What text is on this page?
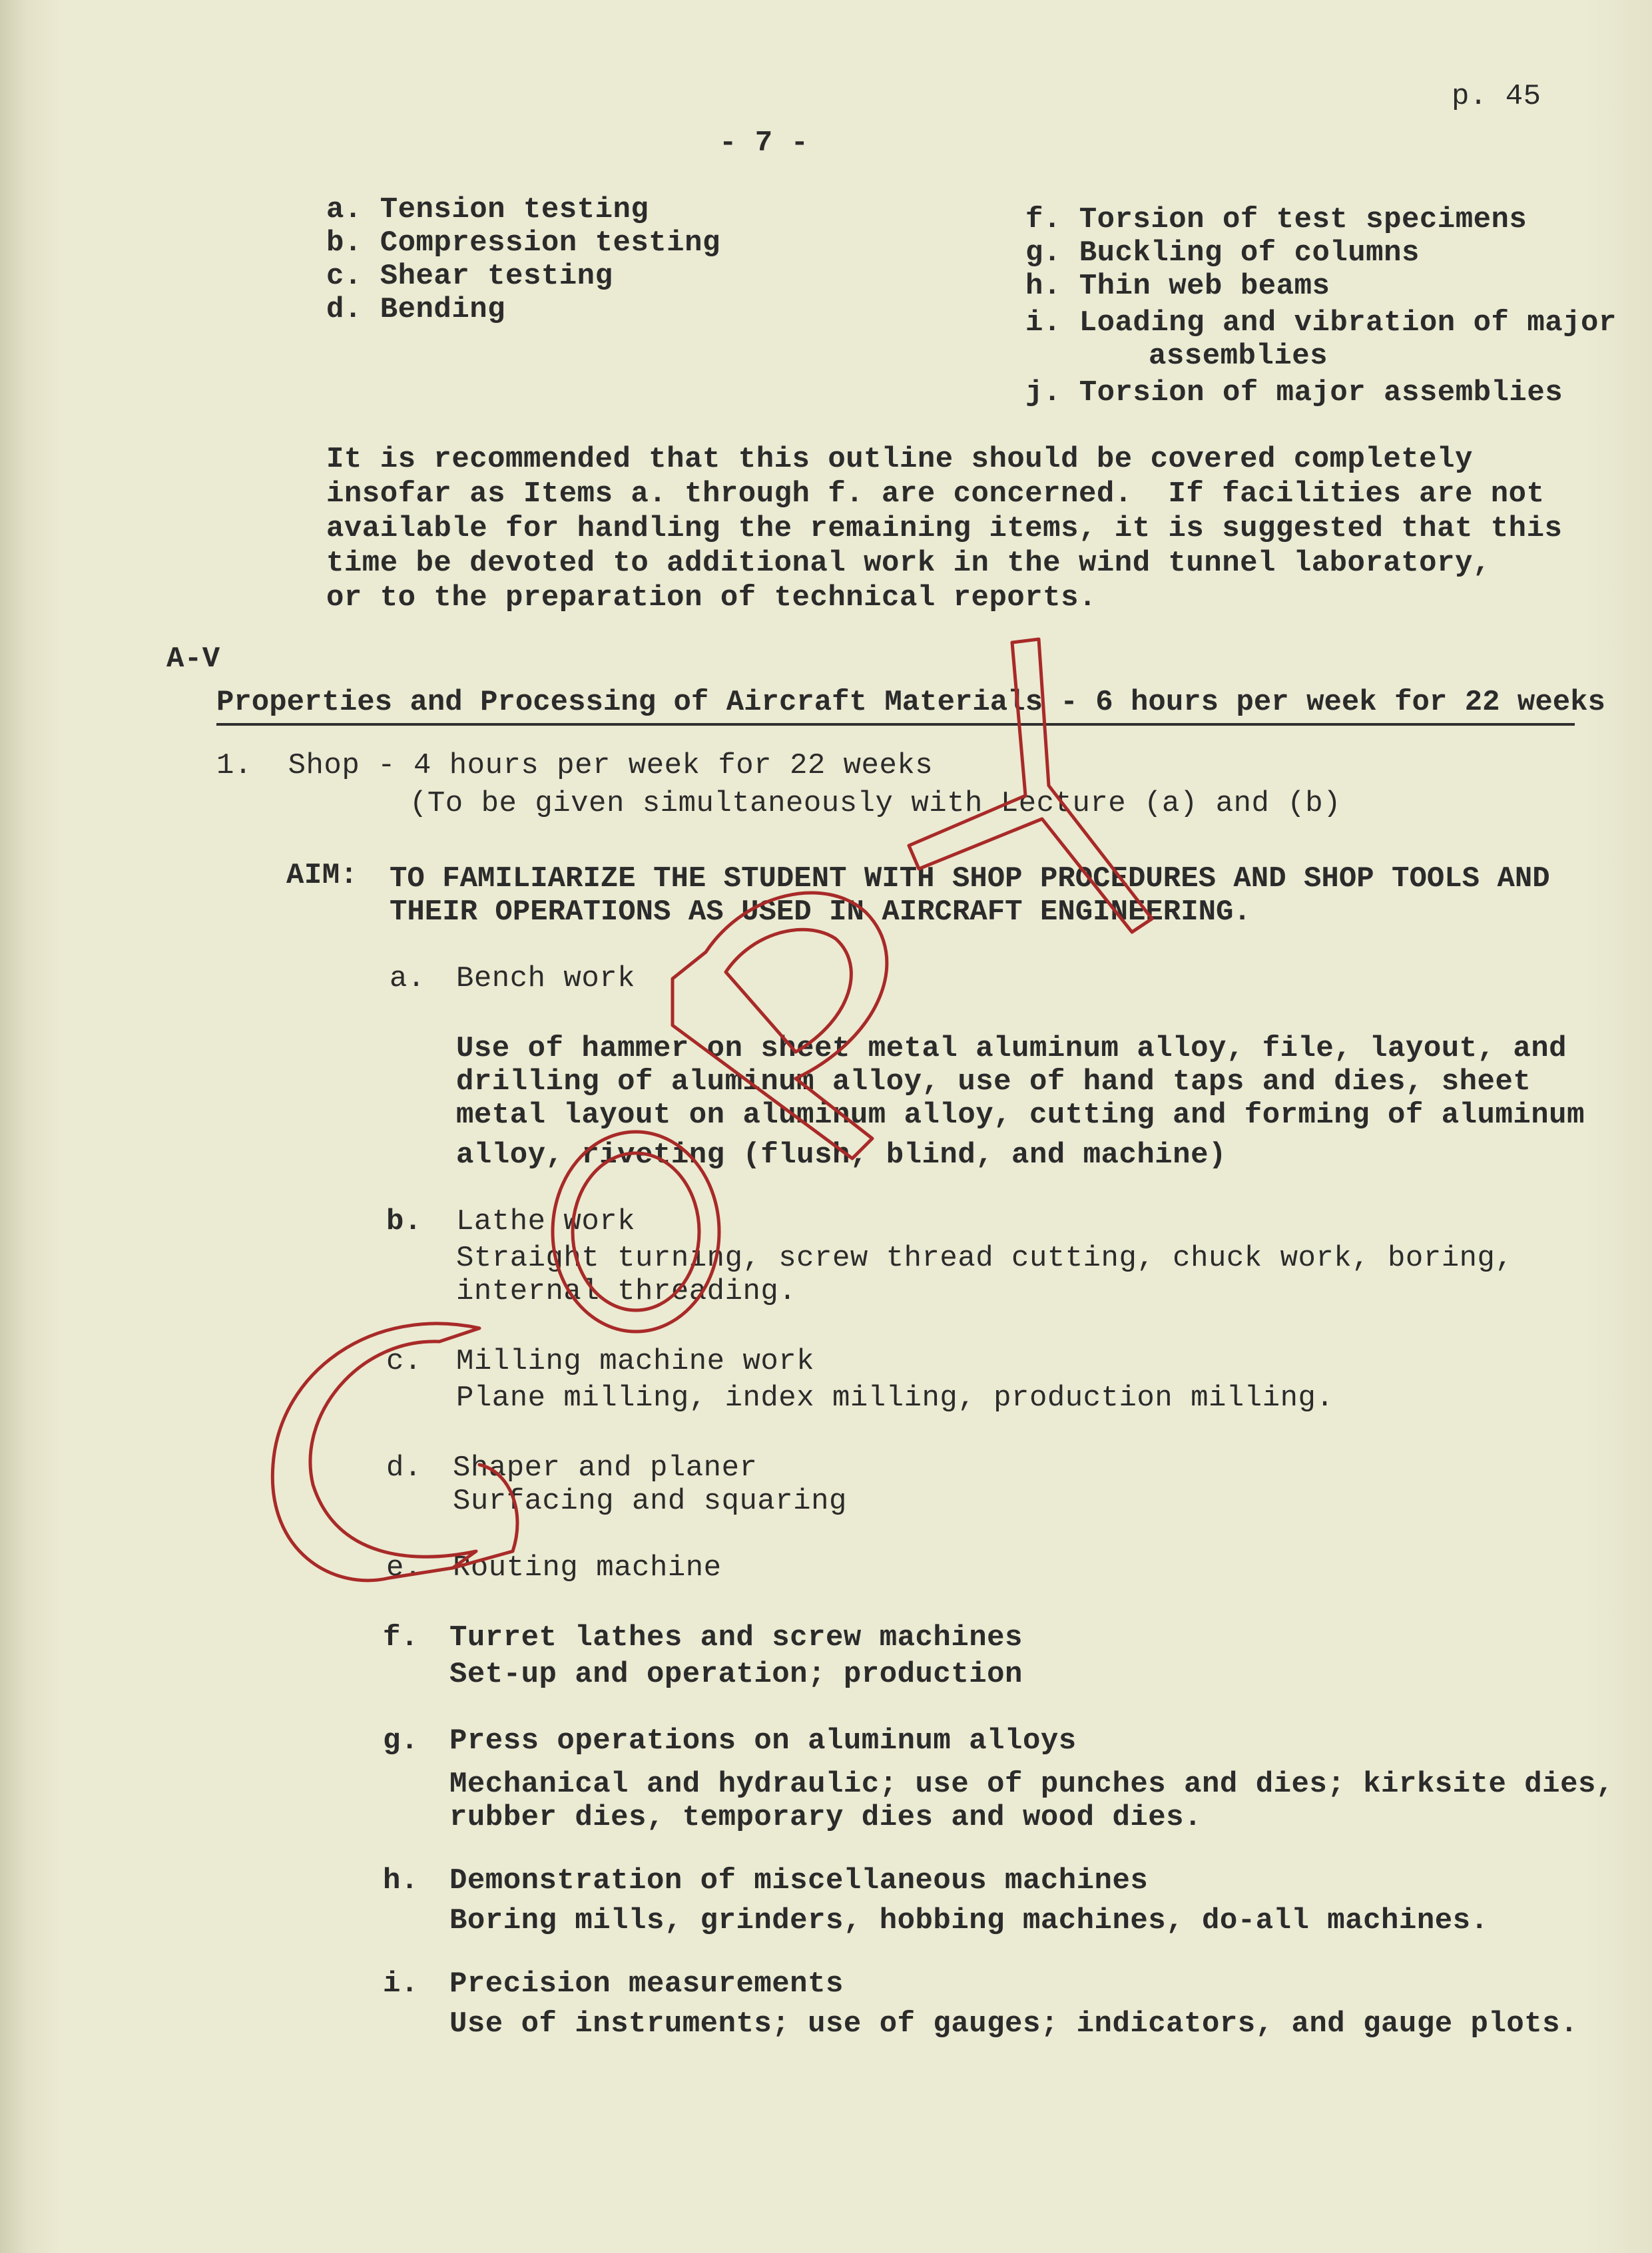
p. 45
- 7 -
a. Tension testing
b. Compression testing
c. Shear testing
d. Bending
f. Torsion of test specimens
g. Buckling of columns
h. Thin web beams
i. Loading and vibration of major
assemblies
j. Torsion of major assemblies
It is recommended that this outline should be covered completely
insofar as Items a. through f. are concerned.  If facilities are not
available for handling the remaining items, it is suggested that this
time be devoted to additional work in the wind tunnel laboratory,
or to the preparation of technical reports.
A-V
Properties and Processing of Aircraft Materials - 6 hours per week for 22 weeks
1.  Shop - 4 hours per week for 22 weeks
(To be given simultaneously with Lecture (a) and (b)
AIM: TO FAMILIARIZE THE STUDENT WITH SHOP PROCEDURES AND SHOP TOOLS AND
THEIR OPERATIONS AS USED IN AIRCRAFT ENGINEERING.
a. Bench work
Use of hammer on sheet metal aluminum alloy, file, layout, and
drilling of aluminum alloy, use of hand taps and dies, sheet
metal layout on aluminum alloy, cutting and forming of aluminum
alloy, riveting (flush, blind, and machine)
b. Lathe work
Straight turning, screw thread cutting, chuck work, boring,
internal threading.
c. Milling machine work
Plane milling, index milling, production milling.
d. Shaper and planer
Surfacing and squaring
e. Routing machine
f. Turret lathes and screw machines
Set-up and operation; production
g. Press operations on aluminum alloys
Mechanical and hydraulic; use of punches and dies; kirksite dies,
rubber dies, temporary dies and wood dies.
h. Demonstration of miscellaneous machines
Boring mills, grinders, hobbing machines, do-all machines.
i. Precision measurements
Use of instruments; use of gauges; indicators, and gauge plots.
